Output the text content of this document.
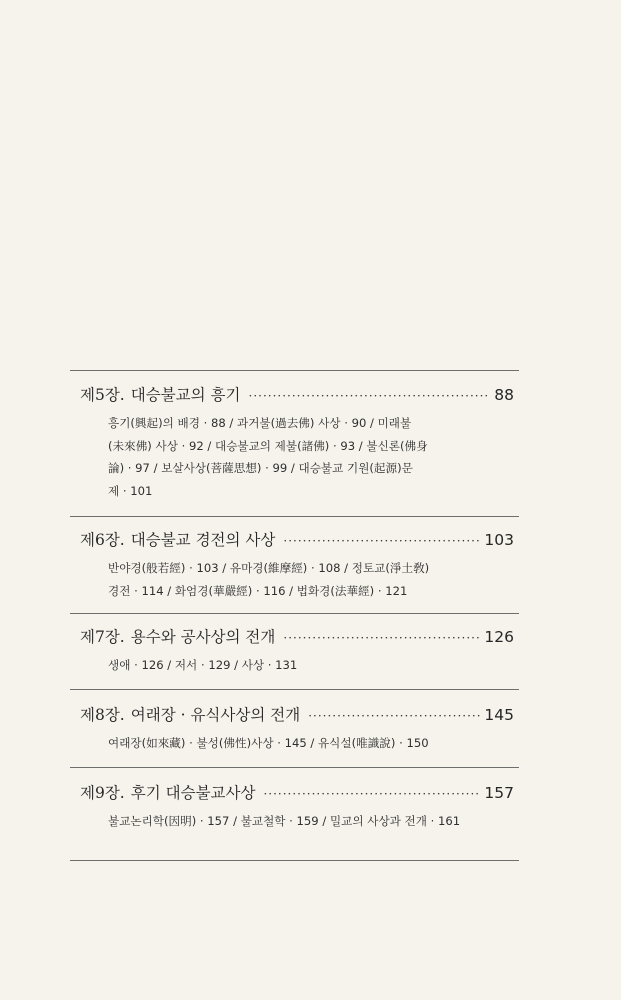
제5장. 대승불교의 흥기 ·····	88
흥기(興起)의 배경 · 88 / 과거불(過去佛) 사상 · 90 / 미래불
(未來佛) 사상 · 92 / 대승불교의 제불(諸佛) · 93 / 불신론(佛身
論) · 97 / 보살사상(菩薩思想) · 99 / 대승불교 기원(起源)문
제 · 101
제6장. 대승불교 경전의 사상 ·····	103
반야경(般若經) · 103 / 유마경(維摩經) · 108 / 정토교(淨土敎)
경전 · 114 / 화엄경(華嚴經) · 116 / 법화경(法華經) · 121
제7장. 용수와 공사상의 전개 ·····	126
생애 · 126 / 저서 · 129 / 사상 · 131
제8장. 여래장 · 유식사상의 전개 ·····	145
여래장(如來藏) · 불성(佛性)사상 · 145 / 유식설(唯識說) · 150
제9장. 후기 대승불교사상 ·····	157
불교논리학(因明) · 157 / 불교철학 · 159 / 밀교의 사상과 전개 · 161
